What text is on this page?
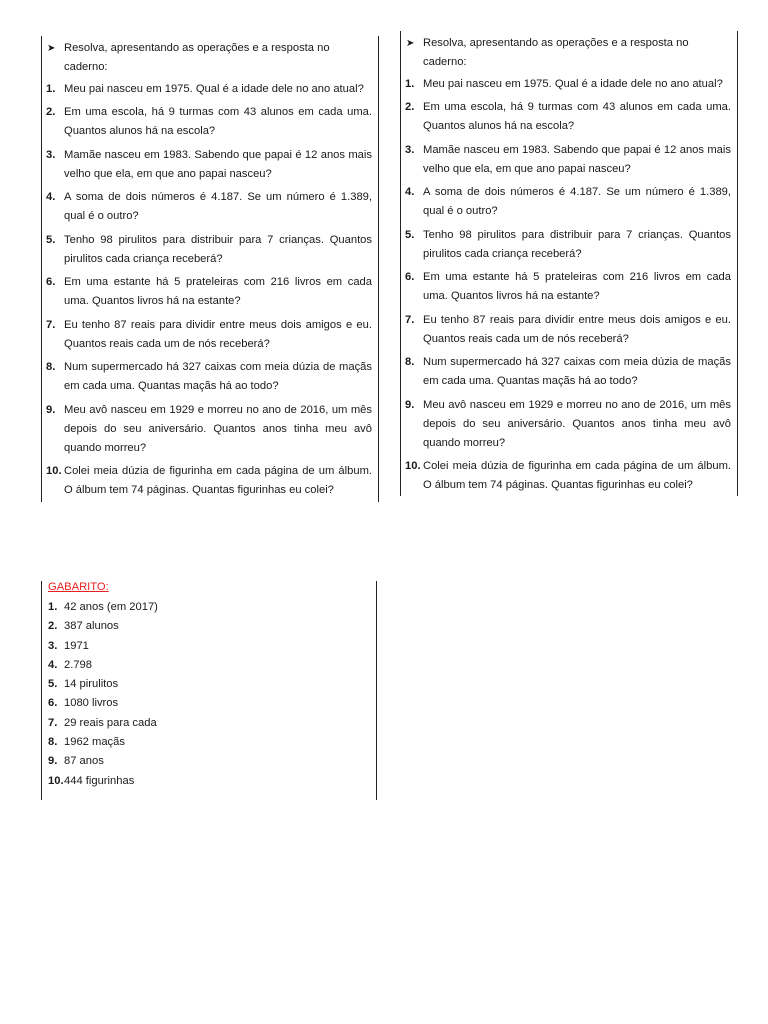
➤ Resolva, apresentando as operações e a resposta no caderno:
1. Meu pai nasceu em 1975. Qual é a idade dele no ano atual?
2. Em uma escola, há 9 turmas com 43 alunos em cada uma. Quantos alunos há na escola?
3. Mamãe nasceu em 1983. Sabendo que papai é 12 anos mais velho que ela, em que ano papai nasceu?
4. A soma de dois números é 4.187. Se um número é 1.389, qual é o outro?
5. Tenho 98 pirulitos para distribuir para 7 crianças. Quantos pirulitos cada criança receberá?
6. Em uma estante há 5 prateleiras com 216 livros em cada uma. Quantos livros há na estante?
7. Eu tenho 87 reais para dividir entre meus dois amigos e eu. Quantos reais cada um de nós receberá?
8. Num supermercado há 327 caixas com meia dúzia de maçãs em cada uma. Quantas maçãs há ao todo?
9. Meu avô nasceu em 1929 e morreu no ano de 2016, um mês depois do seu aniversário. Quantos anos tinha meu avô quando morreu?
10. Colei meia dúzia de figurinha em cada página de um álbum. O álbum tem 74 páginas. Quantas figurinhas eu colei?
➤ Resolva, apresentando as operações e a resposta no caderno:
1. Meu pai nasceu em 1975. Qual é a idade dele no ano atual?
2. Em uma escola, há 9 turmas com 43 alunos em cada uma. Quantos alunos há na escola?
3. Mamãe nasceu em 1983. Sabendo que papai é 12 anos mais velho que ela, em que ano papai nasceu?
4. A soma de dois números é 4.187. Se um número é 1.389, qual é o outro?
5. Tenho 98 pirulitos para distribuir para 7 crianças. Quantos pirulitos cada criança receberá?
6. Em uma estante há 5 prateleiras com 216 livros em cada uma. Quantos livros há na estante?
7. Eu tenho 87 reais para dividir entre meus dois amigos e eu. Quantos reais cada um de nós receberá?
8. Num supermercado há 327 caixas com meia dúzia de maçãs em cada uma. Quantas maçãs há ao todo?
9. Meu avô nasceu em 1929 e morreu no ano de 2016, um mês depois do seu aniversário. Quantos anos tinha meu avô quando morreu?
10. Colei meia dúzia de figurinha em cada página de um álbum. O álbum tem 74 páginas. Quantas figurinhas eu colei?
GABARITO:
1. 42 anos (em 2017)
2. 387 alunos
3. 1971
4. 2.798
5. 14 pirulitos
6. 1080 livros
7. 29 reais para cada
8. 1962 maçãs
9. 87 anos
10. 444 figurinhas
